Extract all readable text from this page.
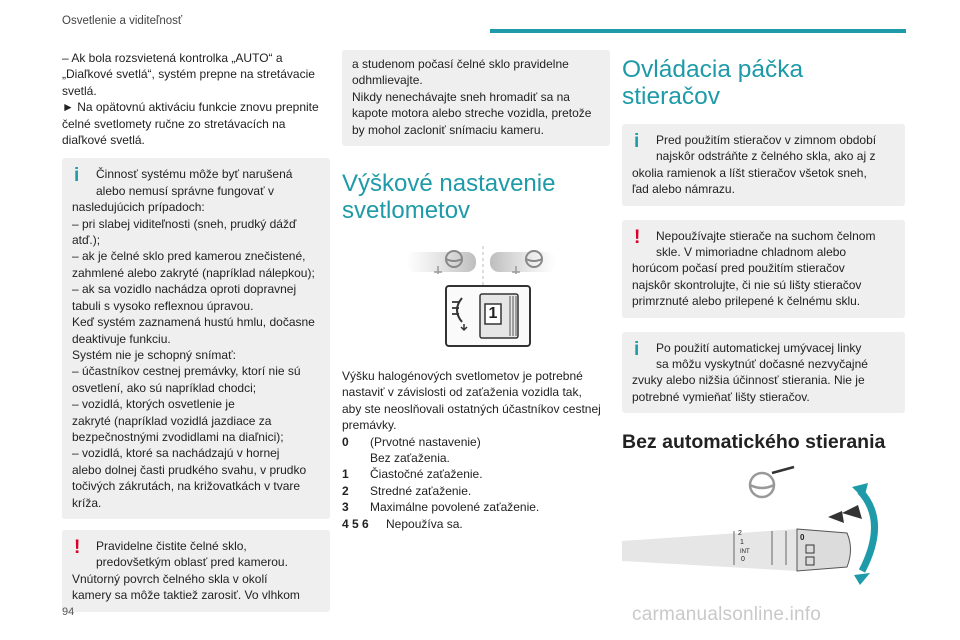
Osvetlenie a viditeľnosť

– Ak bola rozsvietená kontrolka „AUTO“ a
„Diaľkové svetlá“, systém prepne na stretávacie
svetlá.

► Na opätovnú aktiváciu funkcie znovu prepnite
čelné svetlomety ručne zo stretávacích na
diaľkové svetlá.

i Činnosť systému môže byť narušená
alebo nemusí správne fungovať v
nasledujúcich prípadoch:
– pri slabej viditeľnosti (sneh, prudký dážď
atď.);
– ak je čelné sklo pred kamerou znečistené,
zahmlené alebo zakryté (napríklad nálepkou);
– ak sa vozidlo nachádza oproti dopravnej
tabuli s vysoko reflexnou úpravou.
Keď systém zaznamená hustú hmlu, dočasne
deaktivuje funkciu.
Systém nie je schopný snímať:
– účastníkov cestnej premávky, ktorí nie sú
osvetlení, ako sú napríklad chodci;
– vozidlá, ktorých osvetlenie je
zakryté (napríklad vozidlá jazdiace za
bezpečnostnými zvodidlami na diaľnici);
– vozidlá, ktoré sa nachádzajú v hornej
alebo dolnej časti prudkého svahu, v prudko
točivých zákrutách, na križovatkách v tvare
kríža.
! Pravidelne čistite čelné sklo,
predovšetkým oblasť pred kamerou.
Vnútorný povrch čelného skla v okolí
kamery sa môže taktiež zarosiť. Vo vlhkom
a studenom počasí čelné sklo pravidelne
odhmlievajte.
Nikdy nenechávajte sneh hromadiť sa na
kapote motora alebo streche vozidla, pretože
by mohol zacloniť snímaciu kameru.
Výškové nastavenie
svetlometov
1

Výšku halogénových svetlometov je potrebné
nastaviť v závislosti od zaťaženia vozidla tak,
aby ste neoslňovali ostatných účastníkov cestnej
premávky.

0	(Prvotné nastavenie)
Bez zaťaženia.
1	Čiastočné zaťaženie.
2	Stredné zaťaženie.
3	Maximálne povolené zaťaženie.
4 5 6	Nepoužíva sa.
Ovládacia páčka stieračov
i Pred použitím stieračov v zimnom období
najskôr odstráňte z čelného skla, ako aj z
okolia ramienok a líšt stieračov všetok sneh,
ľad alebo námrazu.
! Nepoužívajte stierače na suchom čelnom
skle. V mimoriadne chladnom alebo
horúcom počasí pred použitím stieračov
najskôr skontrolujte, či nie sú lišty stieračov
primrznuté alebo prilepené k čelnému sklu.
i Po použití automatickej umývacej linky
sa môžu vyskytnúť dočasné nezvyčajné
zvuky alebo nižšia účinnosť stierania. Nie je
potrebné vymieňať lišty stieračov.
Bez automatického stierania
2
1
INT
0
0
94	carmanualsonline.info
